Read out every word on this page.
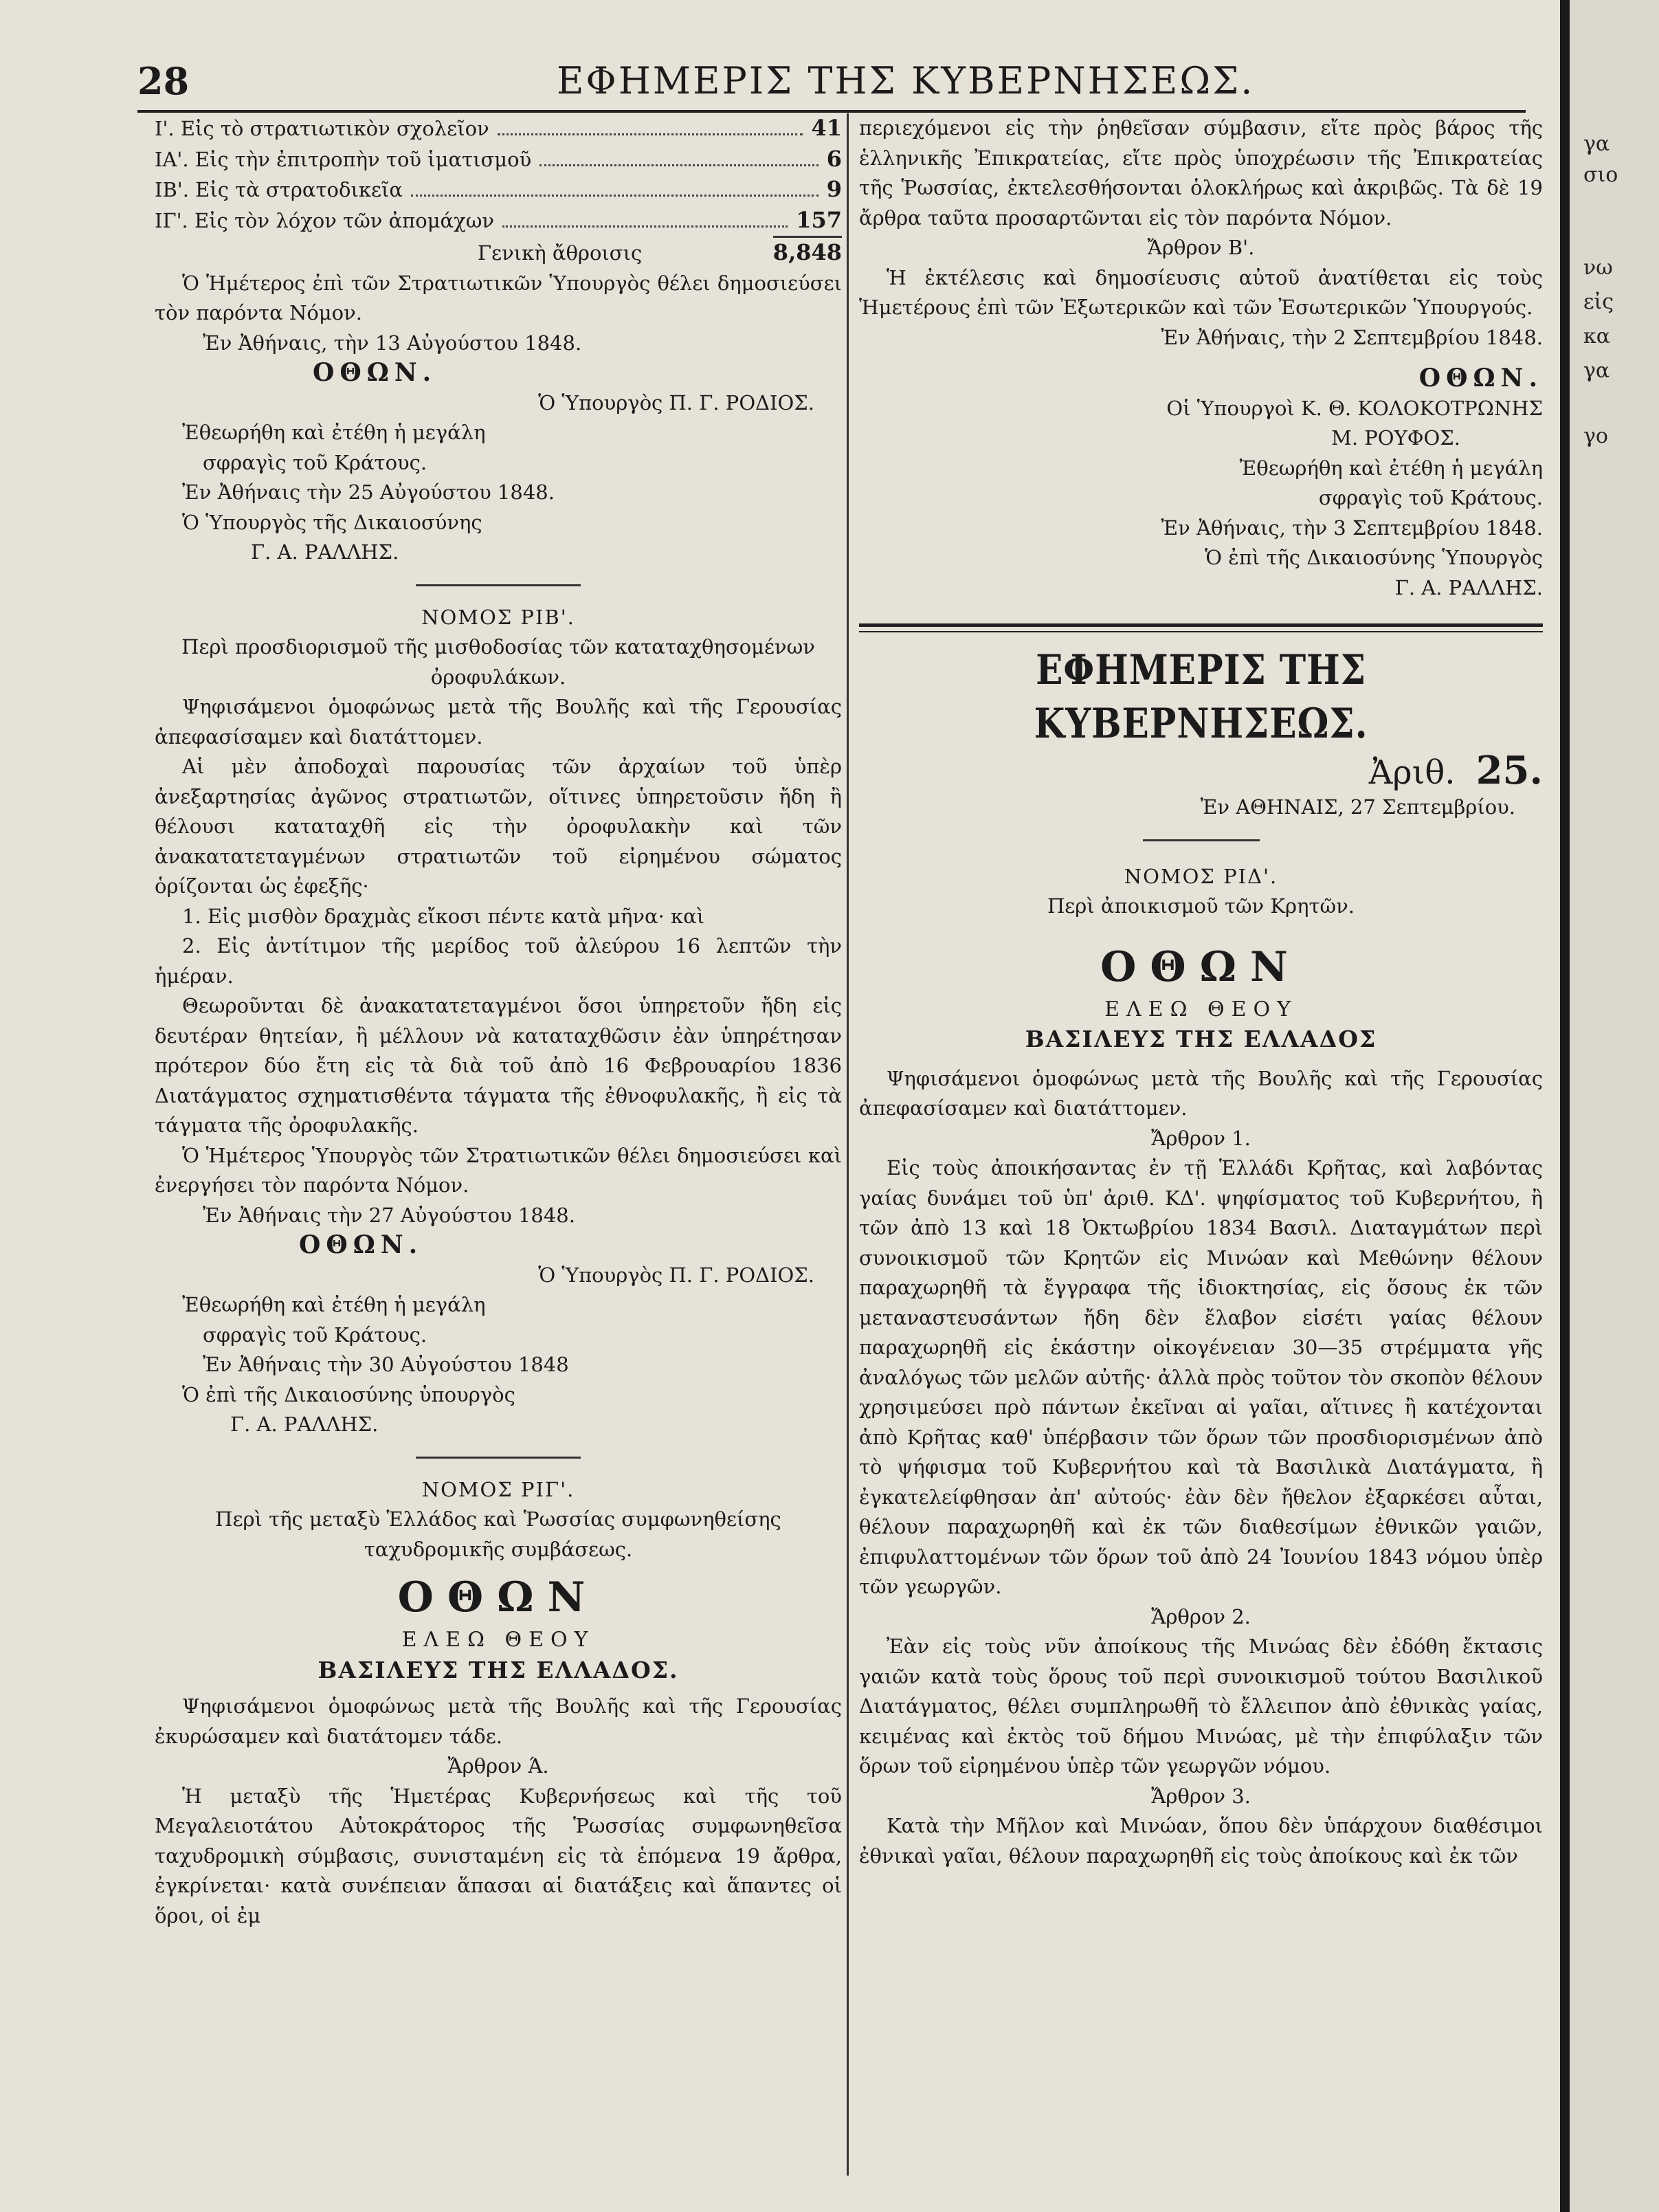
28	ΕΦΗΜΕΡΙΣ ΤΗΣ ΚΥΒΕΡΝΗΣΕΩΣ.
Ι'. Εἰς τὸ στρατιωτικὸν σχολεῖον	41
ΙΑ'. Εἰς τὴν ἐπιτροπὴν τοῦ ἱματισμοῦ	6
ΙΒ'. Εἰς τὰ στρατοδικεῖα	9
ΙΓ'. Εἰς τὸν λόχον τῶν ἀπομάχων	157
Γενικὴ ἄθροισις	8,848

Ὁ Ἡμέτερος ἐπὶ τῶν Στρατιωτικῶν Ὑπουργὸς θέλει δημοσιεύσει τὸν παρόντα Νόμον.

Ἐν Ἀθήναις, τὴν 13 Αὐγούστου 1848.

ΟΘΩΝ.

Ὁ Ὑπουργὸς Π. Γ. ΡΟΔΙΟΣ.

Ἐθεωρήθη καὶ ἐτέθη ἡ μεγάλη

σφραγὶς τοῦ Κράτους.

Ἐν Ἀθήναις τὴν 25 Αὐγούστου 1848.

Ὁ Ὑπουργὸς τῆς Δικαιοσύνης

Γ. Α. ΡΑΛΛΗΣ.

ΝΟΜΟΣ ΡΙΒ'.

Περὶ προσδιορισμοῦ τῆς μισθοδοσίας τῶν καταταχθησομένων ὀροφυλάκων.

Ψηφισάμενοι ὁμοφώνως μετὰ τῆς Βουλῆς καὶ τῆς Γερουσίας ἀπεφασίσαμεν καὶ διατάττομεν.

Αἱ μὲν ἀποδοχαὶ παρουσίας τῶν ἀρχαίων τοῦ ὑπὲρ ἀνεξαρτησίας ἀγῶνος στρατιωτῶν, οἵτινες ὑπηρετοῦσιν ἤδη ἢ θέλουσι καταταχθῆ εἰς τὴν ὀροφυλακὴν καὶ τῶν ἀνακατατεταγμένων στρατιωτῶν τοῦ εἰρημένου σώματος ὁρίζονται ὡς ἐφεξῆς·

1. Εἰς μισθὸν δραχμὰς εἴκοσι πέντε κατὰ μῆνα· καὶ

2. Εἰς ἀντίτιμον τῆς μερίδος τοῦ ἀλεύρου 16 λεπτῶν τὴν ἡμέραν.

Θεωροῦνται δὲ ἀνακατατεταγμένοι ὅσοι ὑπηρετοῦν ἤδη εἰς δευτέραν θητείαν, ἢ μέλλουν νὰ καταταχθῶσιν ἐὰν ὑπηρέτησαν πρότερον δύο ἔτη εἰς τὰ διὰ τοῦ ἀπὸ 16 Φεβρουαρίου 1836 Διατάγματος σχηματισθέντα τάγματα τῆς ἐθνοφυλακῆς, ἢ εἰς τὰ τάγματα τῆς ὀροφυλακῆς.

Ὁ Ἡμέτερος Ὑπουργὸς τῶν Στρατιωτικῶν θέλει δημοσιεύσει καὶ ἐνεργήσει τὸν παρόντα Νόμον.

Ἐν Ἀθήναις τὴν 27 Αὐγούστου 1848.

ΟΘΩΝ.

Ὁ Ὑπουργὸς Π. Γ. ΡΟΔΙΟΣ.

Ἐθεωρήθη καὶ ἐτέθη ἡ μεγάλη

σφραγὶς τοῦ Κράτους.

Ἐν Ἀθήναις τὴν 30 Αὐγούστου 1848

Ὁ ἐπὶ τῆς Δικαιοσύνης ὑπουργὸς

Γ. Α. ΡΑΛΛΗΣ.

ΝΟΜΟΣ ΡΙΓ'.

Περὶ τῆς μεταξὺ Ἑλλάδος καὶ Ῥωσσίας συμφωνηθείσης ταχυδρομικῆς συμβάσεως.

ΟΘΩΝ

ΕΛΕΩ ΘΕΟΥ

ΒΑΣΙΛΕΥΣ ΤΗΣ ΕΛΛΑΔΟΣ.

Ψηφισάμενοι ὁμοφώνως μετὰ τῆς Βουλῆς καὶ τῆς Γερουσίας ἐκυρώσαμεν καὶ διατάτομεν τάδε.

Ἄρθρον Ά.

Ἡ μεταξὺ τῆς Ἡμετέρας Κυβερνήσεως καὶ τῆς τοῦ Μεγαλειοτάτου Αὐτοκράτορος τῆς Ῥωσσίας συμφωνηθεῖσα ταχυδρομικὴ σύμβασις, συνισταμένη εἰς τὰ ἑπόμενα 19 ἄρθρα, ἐγκρίνεται· κατὰ συνέπειαν ἅπασαι αἱ διατάξεις καὶ ἅπαντες οἱ ὅροι, οἱ ἐμ

περιεχόμενοι εἰς τὴν ῥηθεῖσαν σύμβασιν, εἴτε πρὸς βάρος τῆς ἑλληνικῆς Ἐπικρατείας, εἴτε πρὸς ὑποχρέωσιν τῆς Ἐπικρατείας τῆς Ῥωσσίας, ἐκτελεσθήσονται ὁλοκλήρως καὶ ἀκριβῶς. Τὰ δὲ 19 ἄρθρα ταῦτα προσαρτῶνται εἰς τὸν παρόντα Νόμον.

Ἄρθρον Β'.

Ἡ ἐκτέλεσις καὶ δημοσίευσις αὐτοῦ ἀνατίθεται εἰς τοὺς Ἡμετέρους ἐπὶ τῶν Ἐξωτερικῶν καὶ τῶν Ἐσωτερικῶν Ὑπουργούς.

Ἐν Ἀθήναις, τὴν 2 Σεπτεμβρίου 1848.

ΟΘΩΝ.

Οἱ Ὑπουργοὶ Κ. Θ. ΚΟΛΟΚΟΤΡΩΝΗΣ

Μ. ΡΟΥΦΟΣ.

Ἐθεωρήθη καὶ ἐτέθη ἡ μεγάλη

σφραγὶς τοῦ Κράτους.

Ἐν Ἀθήναις, τὴν 3 Σεπτεμβρίου 1848.

Ὁ ἐπὶ τῆς Δικαιοσύνης Ὑπουργὸς

Γ. Α. ΡΑΛΛΗΣ.

ΕΦΗΜΕΡΙΣ ΤΗΣ ΚΥΒΕΡΝΗΣΕΩΣ.

Ἀριθ. 25.

Ἐν ΑΘΗΝΑΙΣ, 27 Σεπτεμβρίου.

ΝΟΜΟΣ ΡΙΔ'.

Περὶ ἀποικισμοῦ τῶν Κρητῶν.

ΟΘΩΝ

ΕΛΕΩ ΘΕΟΥ

ΒΑΣΙΛΕΥΣ ΤΗΣ ΕΛΛΑΔΟΣ

Ψηφισάμενοι ὁμοφώνως μετὰ τῆς Βουλῆς καὶ τῆς Γερουσίας ἀπεφασίσαμεν καὶ διατάττομεν.

Ἄρθρον 1.

Εἰς τοὺς ἀποικήσαντας ἐν τῇ Ἑλλάδι Κρῆτας, καὶ λαβόντας γαίας δυνάμει τοῦ ὑπ' ἀριθ. ΚΔ'. ψηφίσματος τοῦ Κυβερνήτου, ἢ τῶν ἀπὸ 13 καὶ 18 Ὀκτωβρίου 1834 Βασιλ. Διαταγμάτων περὶ συνοικισμοῦ τῶν Κρητῶν εἰς Μινώαν καὶ Μεθώνην θέλουν παραχωρηθῆ τὰ ἔγγραφα τῆς ἰδιοκτησίας, εἰς ὅσους ἐκ τῶν μεταναστευσάντων ἤδη δὲν ἔλαβον εἰσέτι γαίας θέλουν παραχωρηθῆ εἰς ἑκάστην οἰκογένειαν 30—35 στρέμματα γῆς ἀναλόγως τῶν μελῶν αὐτῆς· ἀλλὰ πρὸς τοῦτον τὸν σκοπὸν θέλουν χρησιμεύσει πρὸ πάντων ἐκεῖναι αἱ γαῖαι, αἵτινες ἢ κατέχονται ἀπὸ Κρῆτας καθ' ὑπέρβασιν τῶν ὅρων τῶν προσδιορισμένων ἀπὸ τὸ ψήφισμα τοῦ Κυβερνήτου καὶ τὰ Βασιλικὰ Διατάγματα, ἢ ἐγκατελείφθησαν ἀπ' αὐτούς· ἐὰν δὲν ἤθελον ἐξαρκέσει αὗται, θέλουν παραχωρηθῆ καὶ ἐκ τῶν διαθεσίμων ἐθνικῶν γαιῶν, ἐπιφυλαττομένων τῶν ὅρων τοῦ ἀπὸ 24 Ἰουνίου 1843 νόμου ὑπὲρ τῶν γεωργῶν.

Ἄρθρον 2.

Ἐὰν εἰς τοὺς νῦν ἀποίκους τῆς Μινώας δὲν ἐδόθη ἔκτασις γαιῶν κατὰ τοὺς ὅρους τοῦ περὶ συνοικισμοῦ τούτου Βασιλικοῦ Διατάγματος, θέλει συμπληρωθῆ τὸ ἔλλειπον ἀπὸ ἐθνικὰς γαίας, κειμένας καὶ ἐκτὸς τοῦ δήμου Μινώας, μὲ τὴν ἐπιφύλαξιν τῶν ὅρων τοῦ εἰρημένου ὑπὲρ τῶν γεωργῶν νόμου.

Ἄρθρον 3.

Κατὰ τὴν Μῆλον καὶ Μινώαν, ὅπου δὲν ὑπάρχουν διαθέσιμοι ἐθνικαὶ γαῖαι, θέλουν παραχωρηθῆ εἰς τοὺς ἀποίκους καὶ ἐκ τῶν

γα
σιο
νω
εἰς
κα
γα
γο
